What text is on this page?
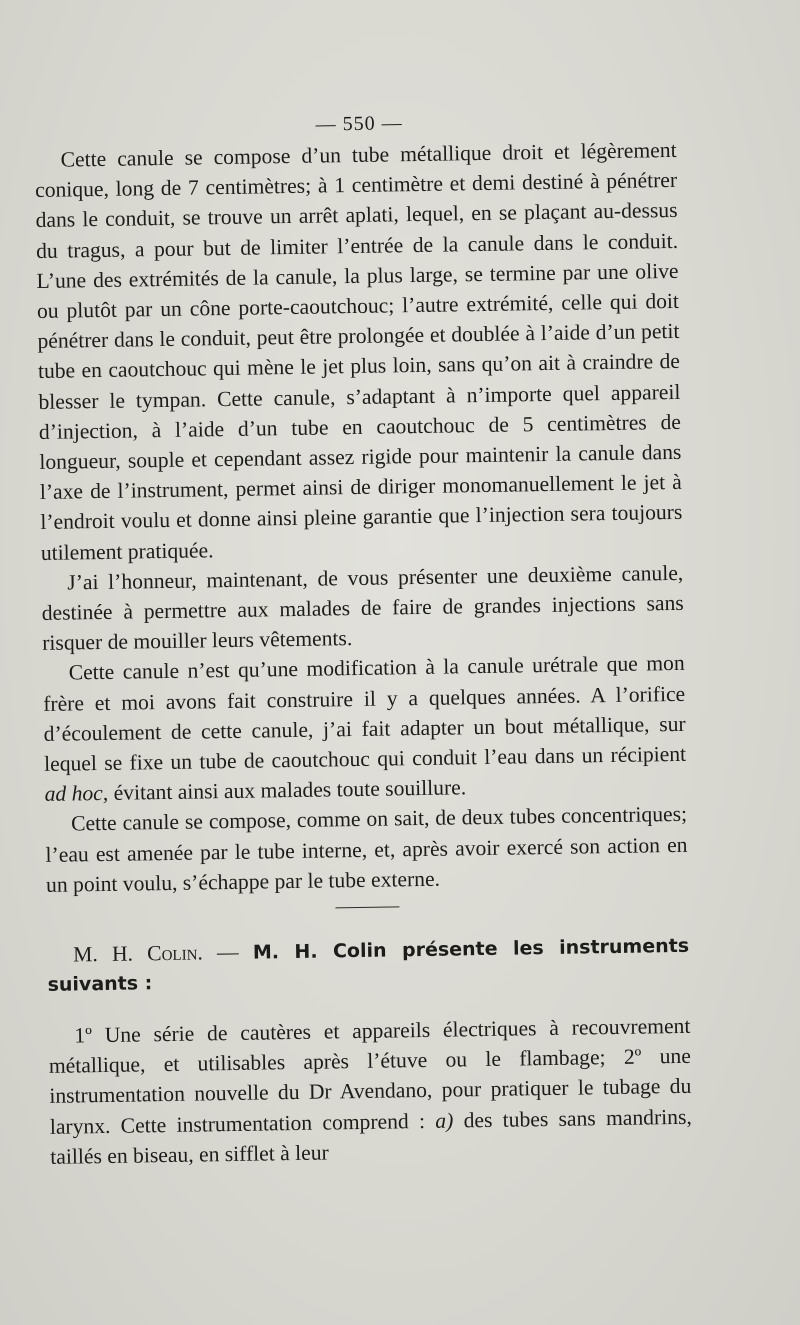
— 550 —

Cette canule se compose d’un tube métallique droit et légèrement conique, long de 7 centimètres; à 1 centimètre et demi destiné à pénétrer dans le conduit, se trouve un arrêt aplati, lequel, en se plaçant au-dessus du tragus, a pour but de limiter l’entrée de la canule dans le conduit. L’une des extrémités de la canule, la plus large, se termine par une olive ou plutôt par un cône porte-caoutchouc; l’autre extrémité, celle qui doit pénétrer dans le conduit, peut être prolongée et doublée à l’aide d’un petit tube en caoutchouc qui mène le jet plus loin, sans qu’on ait à craindre de blesser le tympan. Cette canule, s’adaptant à n’importe quel appareil d’injection, à l’aide d’un tube en caoutchouc de 5 centimètres de longueur, souple et cependant assez rigide pour maintenir la canule dans l’axe de l’instrument, permet ainsi de diriger monomanuellement le jet à l’endroit voulu et donne ainsi pleine garantie que l’injection sera toujours utilement pratiquée.

J’ai l’honneur, maintenant, de vous présenter une deuxième canule, destinée à permettre aux malades de faire de grandes injections sans risquer de mouiller leurs vêtements.

Cette canule n’est qu’une modification à la canule urétrale que mon frère et moi avons fait construire il y a quelques années. A l’orifice d’écoulement de cette canule, j’ai fait adapter un bout métallique, sur lequel se fixe un tube de caoutchouc qui conduit l’eau dans un récipient ad hoc, évitant ainsi aux malades toute souillure.

Cette canule se compose, comme on sait, de deux tubes concentriques; l’eau est amenée par le tube interne, et, après avoir exercé son action en un point voulu, s’échappe par le tube externe.

M. H. Colin. — M. H. Colin présente les instruments suivants :

1º Une série de cautères et appareils électriques à recouvrement métallique, et utilisables après l’étuve ou le flambage; 2º une instrumentation nouvelle du Dr Avendano, pour pratiquer le tubage du larynx. Cette instrumentation comprend : a) des tubes sans mandrins, taillés en biseau, en sifflet à leur
